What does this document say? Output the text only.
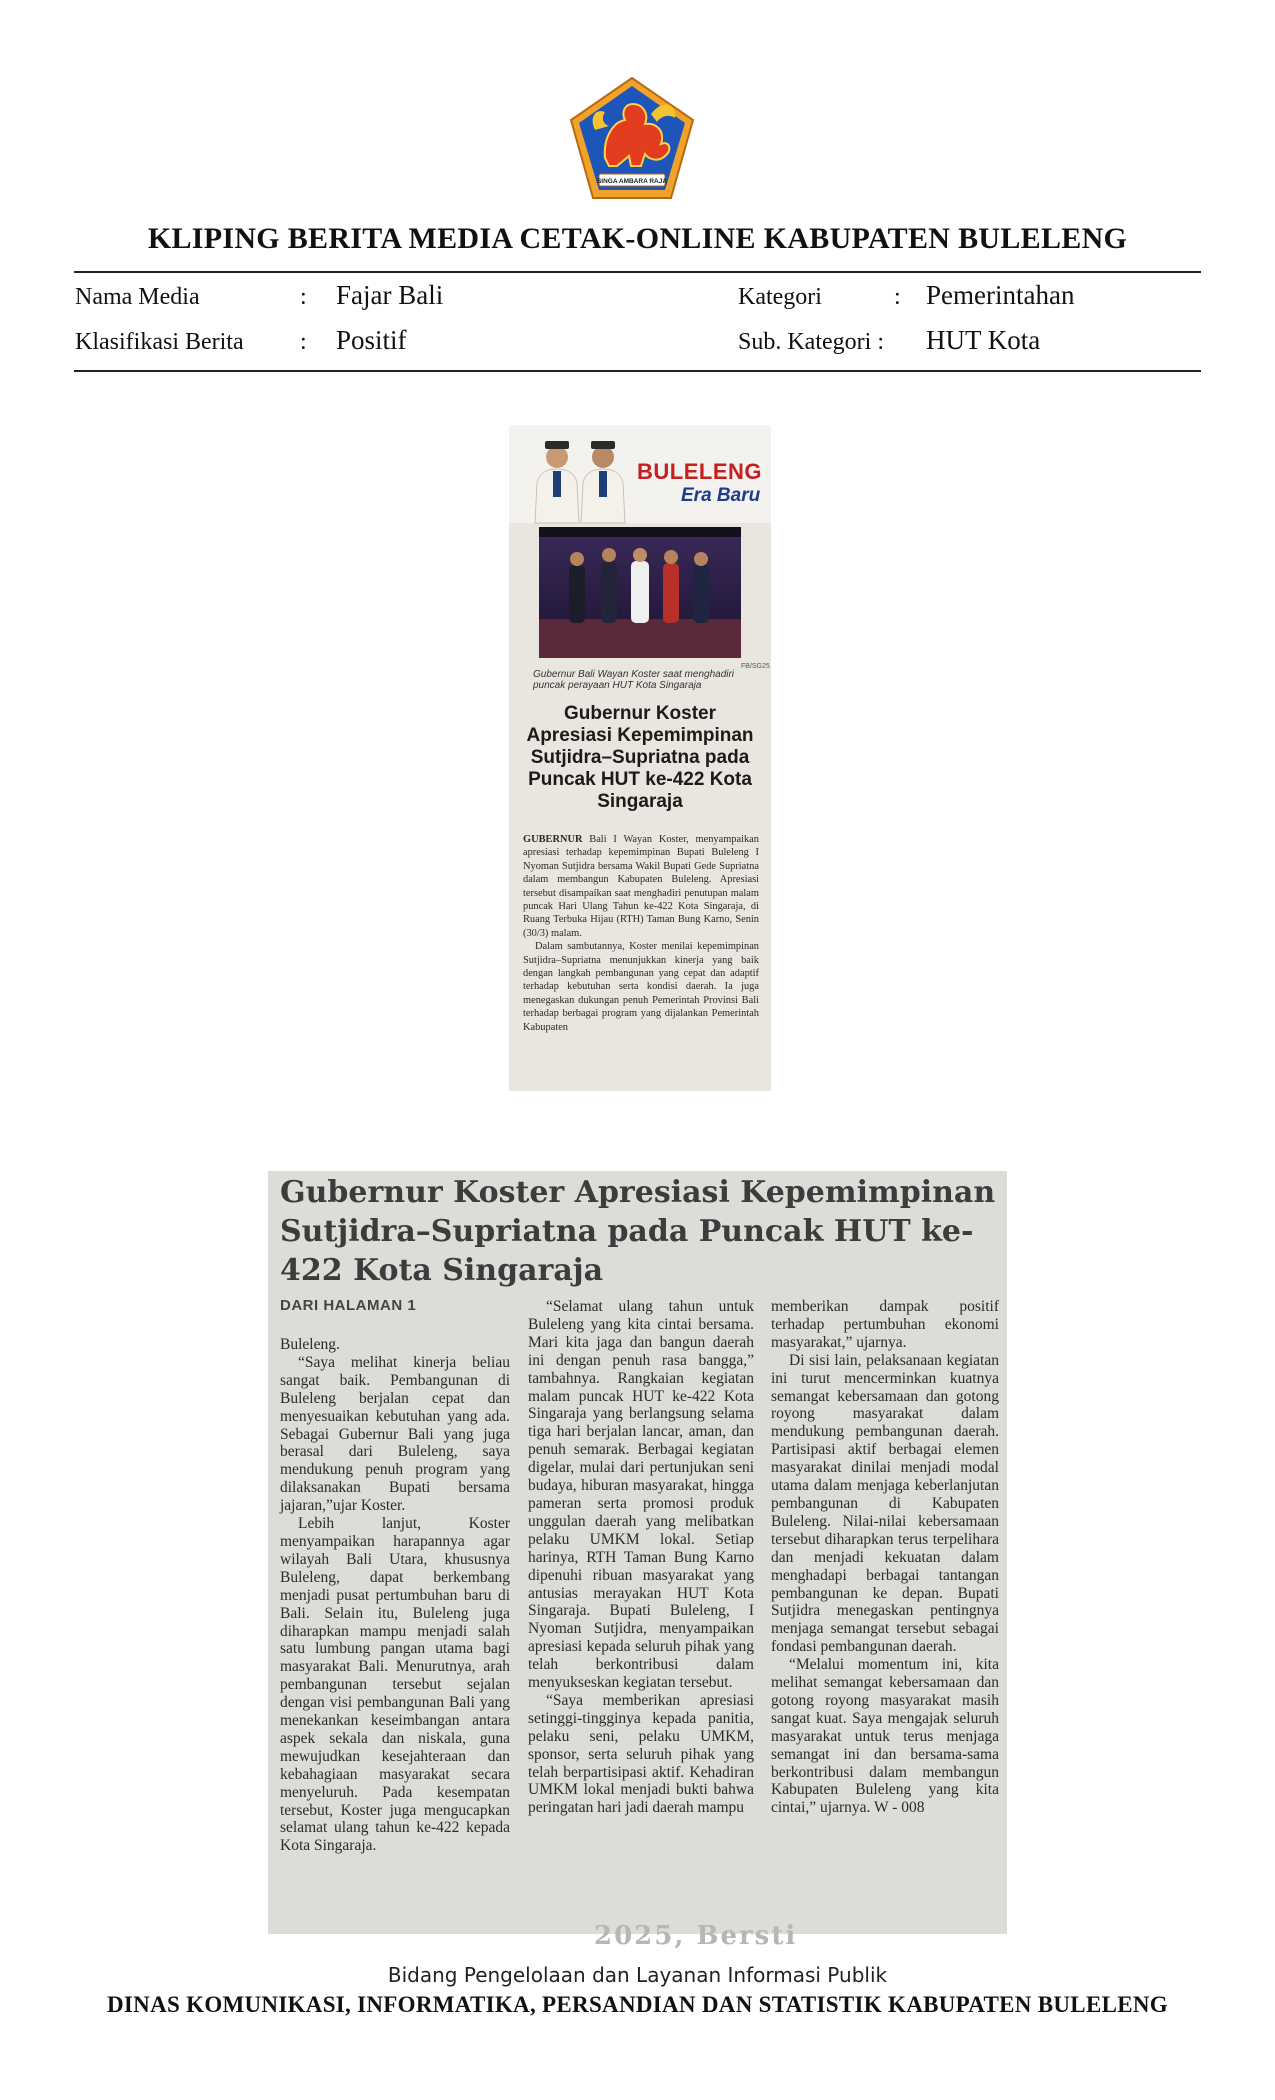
SINGA AMBARA RAJA
KLIPING BERITA MEDIA CETAK-ONLINE KABUPATEN BULELENG
Nama Media	: Fajar Bali	Kategori	: Pemerintahan
Klasifikasi Berita : Positif	Sub. Kategori : HUT Kota
BULELENG
Era Baru
FB/SG25
Gubernur Bali Wayan Koster saat menghadiri puncak perayaan HUT Kota Singaraja
Gubernur Koster Apresiasi Kepemimpinan Sutjidra–Supriatna pada Puncak HUT ke-422 Kota Singaraja

GUBERNUR Bali I Wayan Koster, menyampaikan apresiasi terhadap kepemimpinan Bupati Buleleng I Nyoman Sutjidra bersama Wakil Bupati Gede Supriatna dalam membangun Kabupaten Buleleng. Apresiasi tersebut disampaikan saat menghadiri penutupan malam puncak Hari Ulang Tahun ke-422 Kota Singaraja, di Ruang Terbuka Hijau (RTH) Taman Bung Karno, Senin (30/3) malam.

Dalam sambutannya, Koster menilai kepemimpinan Sutjidra–Supriatna menunjukkan kinerja yang baik dengan langkah pembangunan yang cepat dan adaptif terhadap kebutuhan serta kondisi daerah. Ia juga menegaskan dukungan penuh Pemerintah Provinsi Bali terhadap berbagai program yang dijalankan Pemerintah Kabupaten

Gubernur Koster Apresiasi Kepemimpinan Sutjidra–Supriatna pada Puncak HUT ke-422 Kota Singaraja
DARI HALAMAN 1

Buleleng.

“Saya melihat kinerja beliau sangat baik. Pembangunan di Buleleng berjalan cepat dan menyesuaikan kebutuhan yang ada. Sebagai Gubernur Bali yang juga berasal dari Buleleng, saya mendukung penuh program yang dilaksanakan Bupati bersama jajaran,”ujar Koster.

Lebih lanjut, Koster menyampaikan harapannya agar wilayah Bali Utara, khususnya Buleleng, dapat berkembang menjadi pusat pertumbuhan baru di Bali. Selain itu, Buleleng juga diharapkan mampu menjadi salah satu lumbung pangan utama bagi masyarakat Bali. Menurutnya, arah pembangunan tersebut sejalan dengan visi pembangunan Bali yang menekankan keseimbangan antara aspek sekala dan niskala, guna mewujudkan kesejahteraan dan kebahagiaan masyarakat secara menyeluruh. Pada kesempatan tersebut, Koster juga mengucapkan selamat ulang tahun ke-422 kepada Kota Singaraja.

“Selamat ulang tahun untuk Buleleng yang kita cintai bersama. Mari kita jaga dan bangun daerah ini dengan penuh rasa bangga,” tambahnya. Rangkaian kegiatan malam puncak HUT ke-422 Kota Singaraja yang berlangsung selama tiga hari berjalan lancar, aman, dan penuh semarak. Berbagai kegiatan digelar, mulai dari pertunjukan seni budaya, hiburan masyarakat, hingga pameran serta promosi produk unggulan daerah yang melibatkan pelaku UMKM lokal. Setiap harinya, RTH Taman Bung Karno dipenuhi ribuan masyarakat yang antusias merayakan HUT Kota Singaraja. Bupati Buleleng, I Nyoman Sutjidra, menyampaikan apresiasi kepada seluruh pihak yang telah berkontribusi dalam menyukseskan kegiatan tersebut.

“Saya memberikan apresiasi setinggi-tingginya kepada panitia, pelaku seni, pelaku UMKM, sponsor, serta seluruh pihak yang telah berpartisipasi aktif. Kehadiran UMKM lokal menjadi bukti bahwa peringatan hari jadi daerah mampu

memberikan dampak positif terhadap pertumbuhan ekonomi masyarakat,” ujarnya.

Di sisi lain, pelaksanaan kegiatan ini turut mencerminkan kuatnya semangat kebersamaan dan gotong royong masyarakat dalam mendukung pembangunan daerah. Partisipasi aktif berbagai elemen masyarakat dinilai menjadi modal utama dalam menjaga keberlanjutan pembangunan di Kabupaten Buleleng. Nilai-nilai kebersamaan tersebut diharapkan terus terpelihara dan menjadi kekuatan dalam menghadapi berbagai tantangan pembangunan ke depan. Bupati Sutjidra menegaskan pentingnya menjaga semangat tersebut sebagai fondasi pembangunan daerah.

“Melalui momentum ini, kita melihat semangat kebersamaan dan gotong royong masyarakat masih sangat kuat. Saya mengajak seluruh masyarakat untuk terus menjaga semangat ini dan bersama-sama berkontribusi dalam membangun Kabupaten Buleleng yang kita cintai,” ujarnya. W - 008

2025, Bersti
Bidang Pengelolaan dan Layanan Informasi Publik
DINAS KOMUNIKASI, INFORMATIKA, PERSANDIAN DAN STATISTIK KABUPATEN BULELENG
